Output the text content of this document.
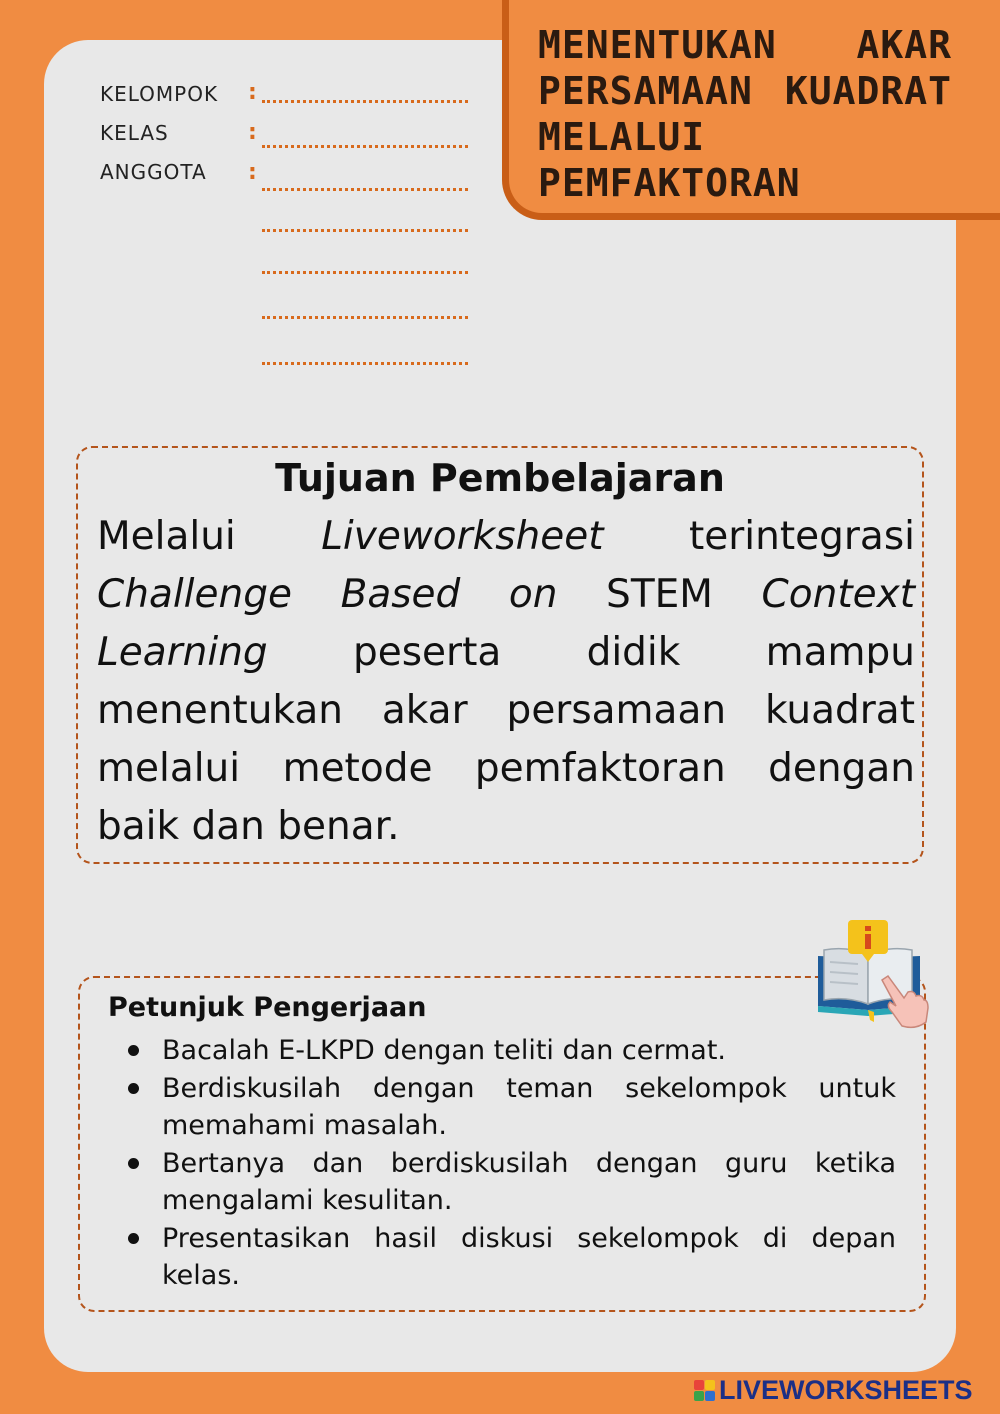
MENENTUKAN AKAR PERSAMAAN KUADRAT MELALUI PEMFAKTORAN
KELOMPOK :
KELAS	:
ANGGOTA :
Tujuan Pembelajaran

Melalui Liveworksheet terintegrasi Challenge Based on STEM Context Learning peserta didik mampu menentukan akar persamaan kuadrat melalui metode pemfaktoran dengan baik dan benar.

Petunjuk Pengerjaan
Bacalah E-LKPD dengan teliti dan cermat.
Berdiskusilah dengan teman sekelompok untuk memahami masalah.
Bertanya dan berdiskusilah dengan guru ketika mengalami kesulitan.
Presentasikan hasil diskusi sekelompok di depan kelas.
LIVEWORKSHEETS
